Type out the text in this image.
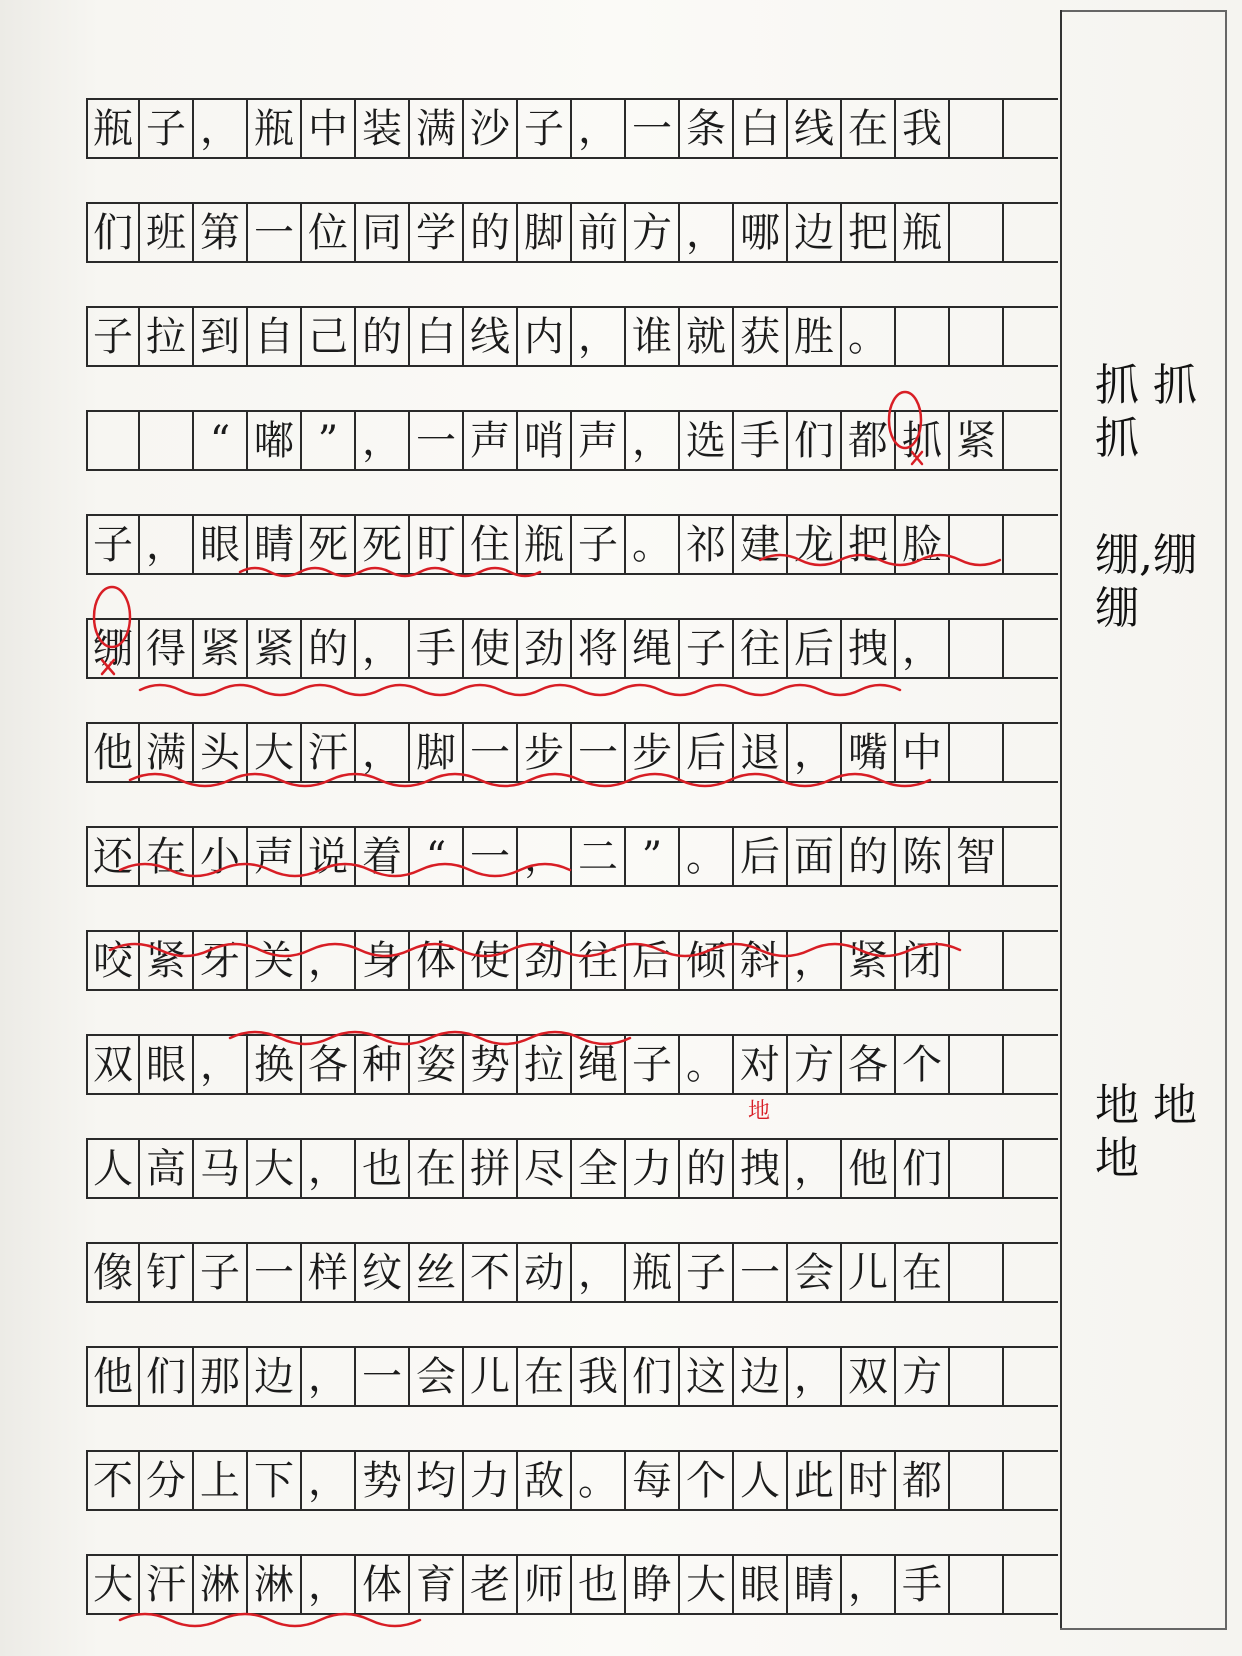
瓶 子 ， 瓶 中 装 满 沙 子 ， 一 条 白 线 在 我
们 班 第 一 位 同 学 的 脚 前 方 ， 哪 边 把 瓶
子 拉 到 自 己 的 白 线 内 ， 谁 就 获 胜 。
“ 嘟 ” ， 一 声 哨 声 ， 选 手 们 都 抓 紧
子 ， 眼 睛 死 死 盯 住 瓶 子 。 祁 建 龙 把 脸
绷 得 紧 紧 的 ， 手 使 劲 将 绳 子 往 后 拽 ，
他 满 头 大 汗 ， 脚 一 步 一 步 后 退 ， 嘴 中
还 在 小 声 说 着 “ 一 ， 二 ” 。 后 面 的 陈 智
咬 紧 牙 关 ， 身 体 使 劲 往 后 倾 斜 ， 紧 闭
双 眼 ， 换 各 种 姿 势 拉 绳 子 。 对 方 各 个
人 高 马 大 ， 也 在 拼 尽 全 力 的 拽 ， 他 们
像 钉 子 一 样 纹 丝 不 动 ， 瓶 子 一 会 儿 在
他 们 那 边 ， 一 会 儿 在 我 们 这 边 ， 双 方
不 分 上 下 ， 势 均 力 敌 。 每 个 人 此 时 都
大 汗 淋 淋 ， 体 育 老 师 也 睁 大 眼 睛 ， 手
抓 抓
抓
绷,绷
绷
地 地
地
地
